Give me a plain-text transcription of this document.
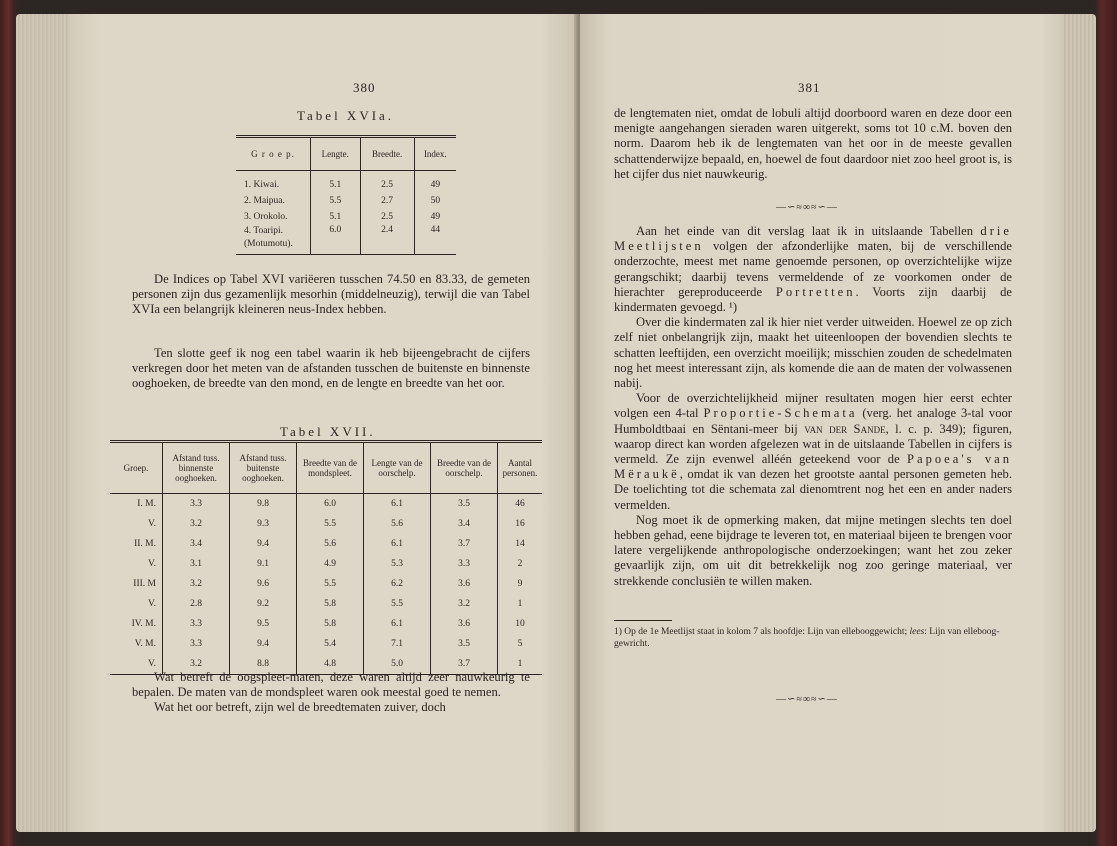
380
Tabel XVIa.
G r o e p.	Lengte.	Breedte.	Index.
1. Kiwai.	5.1	2.5	49
2. Maipua.	5.5	2.7	50
3. Orokolo.	5.1	2.5	49
4. Toaripi. (Motumotu).	6.0	2.4	44

De Indices op Tabel XVI variëeren tusschen 74.50 en 83.33, de gemeten personen zijn dus gezamenlijk mesorhin (middelneuzig), terwijl die van Tabel XVIa een belangrijk kleineren neus-Index hebben.

Ten slotte geef ik nog een tabel waarin ik heb bijeengebracht de cijfers verkregen door het meten van de afstanden tusschen de buitenste en binnenste ooghoeken, de breedte van den mond, en de lengte en breedte van het oor.

Tabel XVII.
Groep.	Afstand tuss. binnenste ooghoeken.	Afstand tuss. buitenste ooghoeken.	Breedte van de mondspleet.	Lengte van de oorschelp.	Breedte van de oorschelp.	Aantal personen.
I. M.	3.3	9.8	6.0	6.1	3.5	46
V.	3.2	9.3	5.5	5.6	3.4	16
II. M.	3.4	9.4	5.6	6.1	3.7	14
V.	3.1	9.1	4.9	5.3	3.3	2
III. M	3.2	9.6	5.5	6.2	3.6	9
V.	2.8	9.2	5.8	5.5	3.2	1
IV. M.	3.3	9.5	5.8	6.1	3.6	10
V. M.	3.3	9.4	5.4	7.1	3.5	5
V.	3.2	8.8	4.8	5.0	3.7	1

Wat betreft de oogspleet-maten, deze waren altijd zeer nauwkeurig te bepalen. De maten van de mondspleet waren ook meestal goed te nemen.

Wat het oor betreft, zijn wel de breedtematen zuiver, doch

381

de lengtematen niet, omdat de lobuli altijd doorboord waren en deze door een menigte aangehangen sieraden waren uitgerekt, soms tot 10 c.M. boven den norm. Daarom heb ik de lengtematen van het oor in de meeste gevallen schattenderwijze bepaald, en, hoewel de fout daardoor niet zoo heel groot is, is het cijfer dus niet nauwkeurig.

—∽≈∞≈∽—

Aan het einde van dit verslag laat ik in uitslaande Tabellen drie Meetlijsten volgen der afzonderlijke maten, bij de verschillende onderzochte, meest met name genoemde personen, op overzichtelijke wijze gerangschikt; daarbij tevens vermeldende of ze voorkomen onder de hierachter gereproduceerde Portretten. Voorts zijn daarbij de kindermaten gevoegd. ¹)

Over die kindermaten zal ik hier niet verder uitweiden. Hoewel ze op zich zelf niet onbelangrijk zijn, maakt het uiteenloopen der bovendien slechts te schatten leeftijden, een overzicht moeilijk; misschien zouden de schedelmaten nog het meest interessant zijn, als komende die aan de maten der volwassenen nabij.

Voor de overzichtelijkheid mijner resultaten mogen hier eerst echter volgen een 4-tal Proportie-Schemata (verg. het analoge 3-tal voor Humboldtbaai en Sëntani-meer bij van der Sande, l. c. p. 349); figuren, waarop direct kan worden afgelezen wat in de uitslaande Tabellen in cijfers is vermeld. Ze zijn evenwel alléén geteekend voor de Papoea's van Mëraukë, omdat ik van dezen het grootste aantal personen gemeten heb. De toelichting tot die schemata zal dienomtrent nog het een en ander naders vermelden.

Nog moet ik de opmerking maken, dat mijne metingen slechts ten doel hebben gehad, eene bijdrage te leveren tot, en materiaal bijeen te brengen voor latere vergelijkende anthropologische onderzoekingen; want het zou zeker gevaarlijk zijn, om uit dit betrekkelijk nog zoo geringe materiaal, ver strekkende conclusiën te willen maken.

1) Op de 1e Meetlijst staat in kolom 7 als hoofdje: Lijn van ellebooggewicht; lees: Lijn van ellebooggewricht.
—∽≈∞≈∽—
